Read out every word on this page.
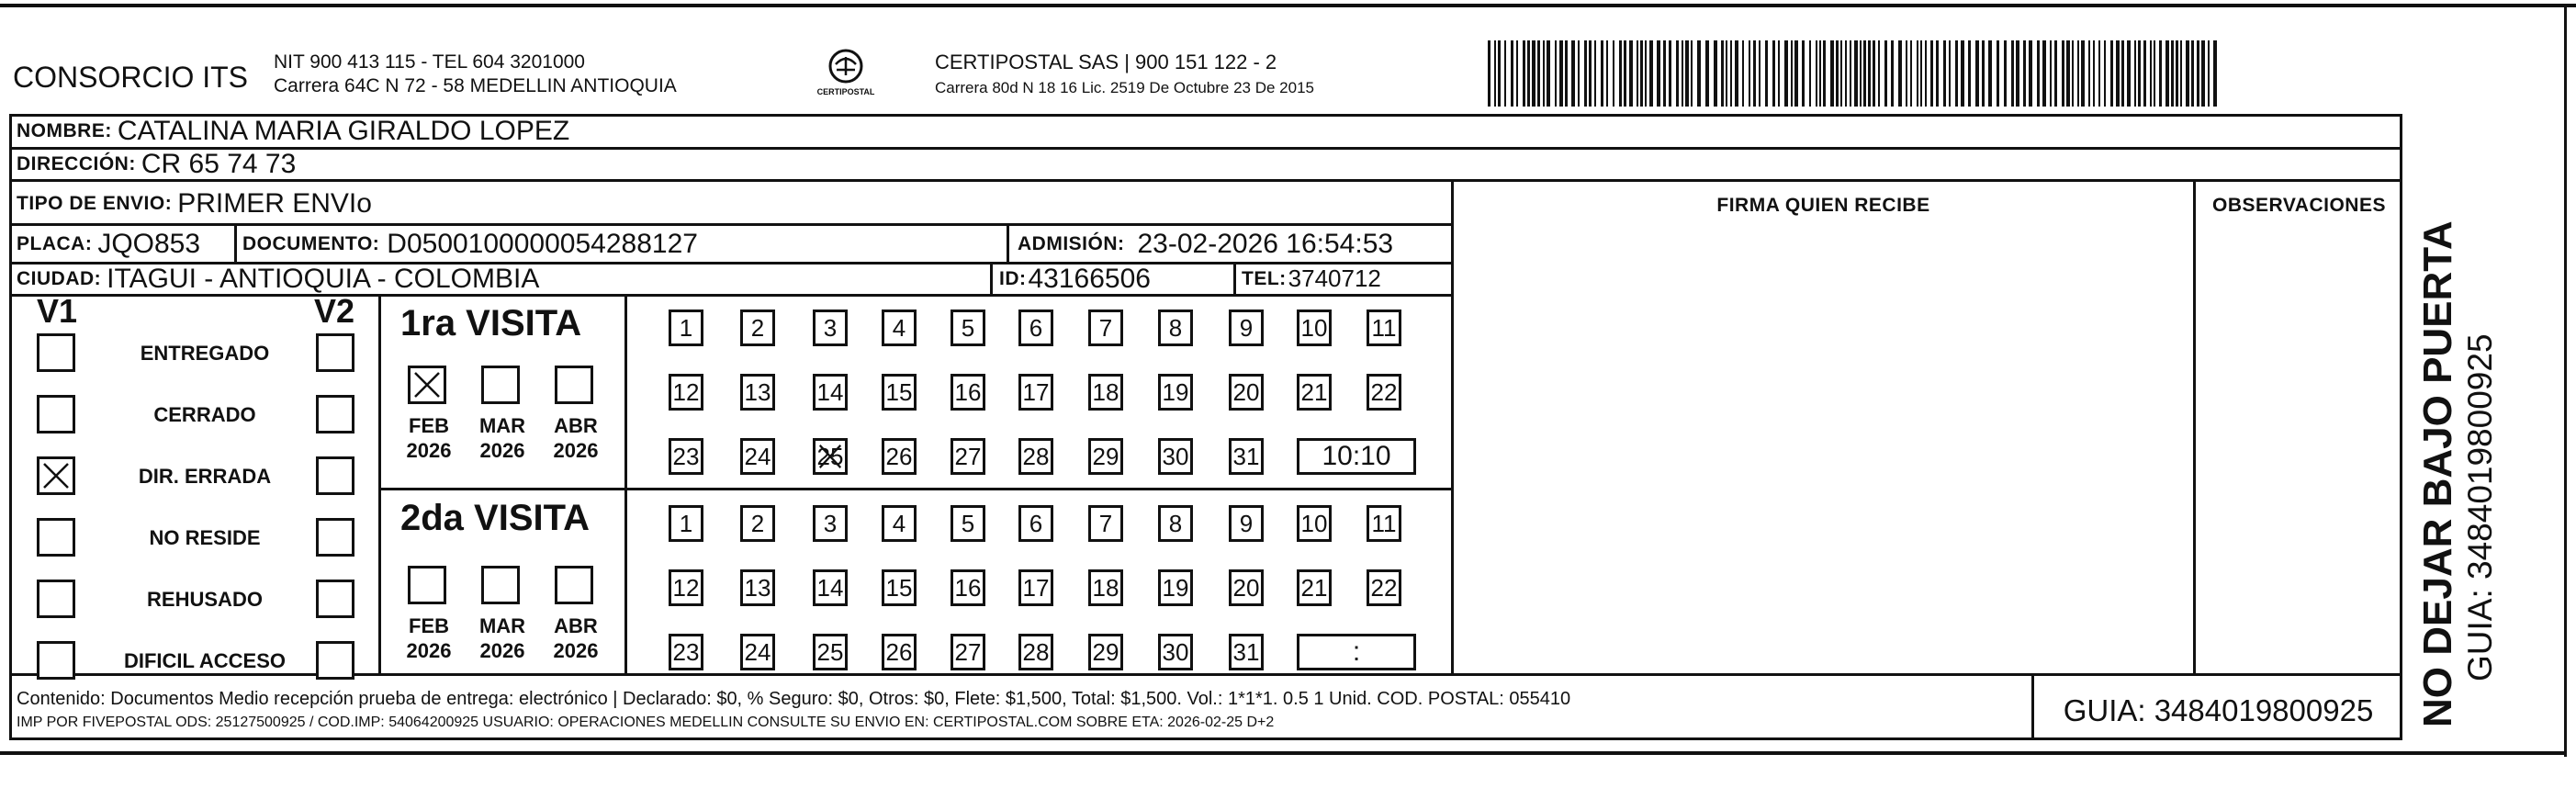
CONSORCIO ITS NIT 900 413 115 - TEL 604 3201000
Carrera 64C N 72 - 58 MEDELLIN ANTIOQUIA	CERTIPOSTAL
CERTIPOSTAL SAS | 900 151 122 - 2
Carrera 80d N 18 16 Lic. 2519 De Octubre 23 De 2015
NOMBRE: CATALINA MARIA GIRALDO LOPEZ
DIRECCIÓN: CR 65 74 73
TIPO DE ENVIO: PRIMER ENVIo	FIRMA QUIEN RECIBE	OBSERVACIONES
PLACA: JQO853 DOCUMENTO: D0500100000054288127	ADMISIÓN: 23-02-2026 16:54:53
CIUDAD: ITAGUI - ANTIOQUIA - COLOMBIA	ID: 43166506	TEL: 3740712
V1	V2 1ra VISITA
2da VISITA
Contenido: Documentos Medio recepción prueba de entrega: electrónico | Declarado: $0, % Seguro: $0, Otros: $0, Flete: $1,500, Total: $1,500. Vol.: 1*1*1. 0.5 1 Unid. COD. POSTAL: 055410
IMP POR FIVEPOSTAL ODS: 25127500925 / COD.IMP: 54064200925 USUARIO: OPERACIONES MEDELLIN CONSULTE SU ENVIO EN: CERTIPOSTAL.COM SOBRE ETA: 2026-02-25 D+2	GUIA: 3484019800925	NO DEJAR BAJO PUERTA GUIA: 3484019800925
ENTREGADO
CERRADO
DIR. ERRADA
NO RESIDE
REHUSADO
DIFICIL ACCESO
FEB
2026
MAR
2026
ABR
2026
FEB
2026
MAR
2026
ABR
2026
1	2	3	4	5	6	7	8	9	10 11
12 13 14 15 16 17 18 19 20 21 22
23 24 25 26 27 28 29 30 31	10:10
1	2	3	4	5	6	7	8	9	10 11
12 13 14 15 16 17 18 19 20 21 22
23 24 25 26 27 28 29 30 31	:
